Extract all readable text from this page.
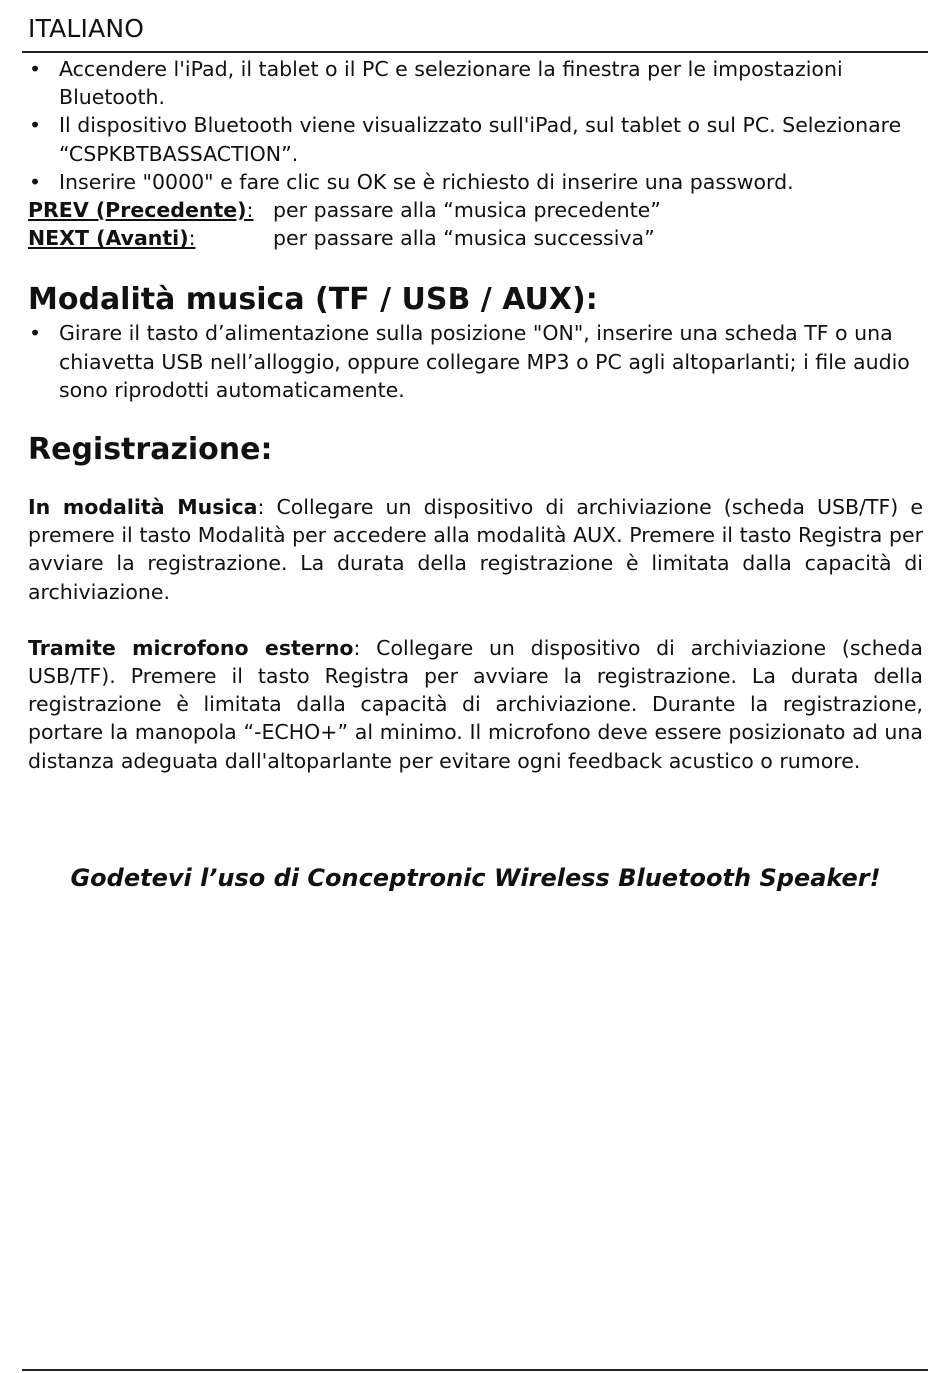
ITALIANO
• Accendere l'iPad, il tablet o il PC e selezionare la finestra per le impostazioni Bluetooth.
• Il dispositivo Bluetooth viene visualizzato sull'iPad, sul tablet o sul PC. Selezionare “CSPKBTBASSACTION”.
• Inserire "0000" e fare clic su OK se è richiesto di inserire una password.
PREV (Precedente): per passare alla “musica precedente”
NEXT (Avanti):	per passare alla “musica successiva”
Modalità musica (TF / USB / AUX):
• Girare il tasto d’alimentazione sulla posizione "ON", inserire una scheda TF o una chiavetta USB nell’alloggio, oppure collegare MP3 o PC agli altoparlanti; i file audio sono riprodotti automaticamente.
Registrazione:

In modalità Musica: Collegare un dispositivo di archiviazione (scheda USB/TF) e premere il tasto Modalità per accedere alla modalità AUX. Premere il tasto Registra per avviare la registrazione. La durata della registrazione è limitata dalla capacità di archiviazione.

Tramite microfono esterno: Collegare un dispositivo di archiviazione (scheda USB/TF). Premere il tasto Registra per avviare la registrazione. La durata della registrazione è limitata dalla capacità di archiviazione. Durante la registrazione, portare la manopola “-ECHO+” al minimo. Il microfono deve essere posizionato ad una distanza adeguata dall'altoparlante per evitare ogni feedback acustico o rumore.

Godetevi l’uso di Conceptronic Wireless Bluetooth Speaker!
